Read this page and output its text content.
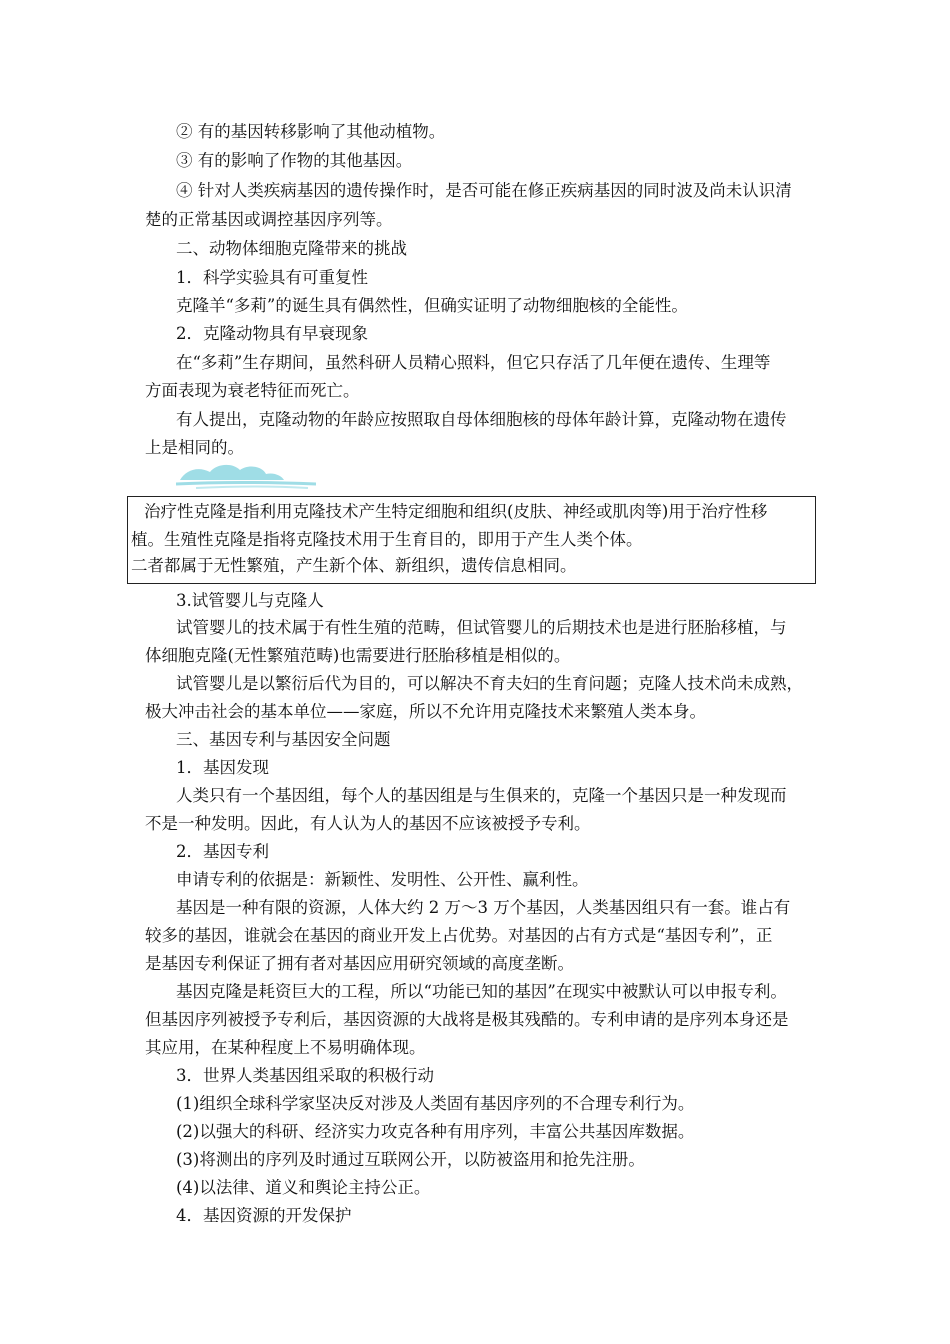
② 有的基因转移影响了其他动植物。
③ 有的影响了作物的其他基因。
④ 针对人类疾病基因的遗传操作时，是否可能在修正疾病基因的同时波及尚未认识清
楚的正常基因或调控基因序列等。
二、动物体细胞克隆带来的挑战
1．科学实验具有可重复性
克隆羊“多莉”的诞生具有偶然性，但确实证明了动物细胞核的全能性。
2．克隆动物具有早衰现象
在“多莉”生存期间，虽然科研人员精心照料，但它只存活了几年便在遗传、生理等
方面表现为衰老特征而死亡。
有人提出，克隆动物的年龄应按照取自母体细胞核的母体年龄计算，克隆动物在遗传
上是相同的。
治疗性克隆是指利用克隆技术产生特定细胞和组织(皮肤、神经或肌肉等)用于治疗性移
植。生殖性克隆是指将克隆技术用于生育目的，即用于产生人类个体。
二者都属于无性繁殖，产生新个体、新组织，遗传信息相同。
3.试管婴儿与克隆人
试管婴儿的技术属于有性生殖的范畴，但试管婴儿的后期技术也是进行胚胎移植，与
体细胞克隆(无性繁殖范畴)也需要进行胚胎移植是相似的。
试管婴儿是以繁衍后代为目的，可以解决不育夫妇的生育问题；克隆人技术尚未成熟，
极大冲击社会的基本单位——家庭，所以不允许用克隆技术来繁殖人类本身。
三、基因专利与基因安全问题
1．基因发现
人类只有一个基因组，每个人的基因组是与生俱来的，克隆一个基因只是一种发现而
不是一种发明。因此，有人认为人的基因不应该被授予专利。
2．基因专利
申请专利的依据是：新颖性、发明性、公开性、赢利性。
基因是一种有限的资源，人体大约 2 万～3 万个基因，人类基因组只有一套。谁占有
较多的基因，谁就会在基因的商业开发上占优势。对基因的占有方式是“基因专利”，正
是基因专利保证了拥有者对基因应用研究领域的高度垄断。
基因克隆是耗资巨大的工程，所以“功能已知的基因”在现实中被默认可以申报专利。
但基因序列被授予专利后，基因资源的大战将是极其残酷的。专利申请的是序列本身还是
其应用，在某种程度上不易明确体现。
3．世界人类基因组采取的积极行动
(1)组织全球科学家坚决反对涉及人类固有基因序列的不合理专利行为。
(2)以强大的科研、经济实力攻克各种有用序列，丰富公共基因库数据。
(3)将测出的序列及时通过互联网公开，以防被盗用和抢先注册。
(4)以法律、道义和舆论主持公正。
4．基因资源的开发保护
